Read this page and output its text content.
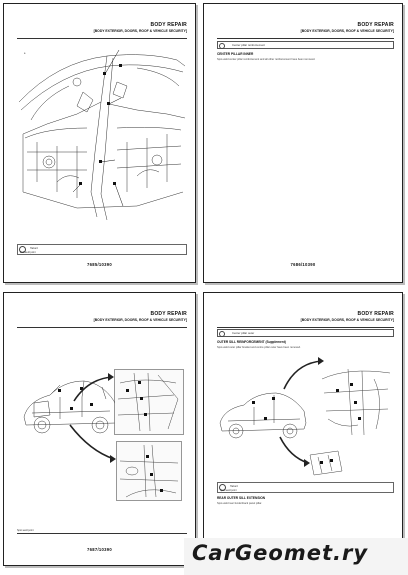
BODY REPAIR
[BODY EXTERIOR, DOORS, ROOF & VEHICLE SECURITY]
a
Hazard
Bolt/weld point
7685/10390
BODY REPAIR
[BODY EXTERIOR, DOORS, ROOF & VEHICLE SECURITY]
Center pillar reinforcement
CENTER PILLAR INNER
Spot-weld center pillar reinforcement and all other reinforcement have been removed.
7686/10390
BODY REPAIR
[BODY EXTERIOR, DOORS, ROOF & VEHICLE SECURITY]
Spot-weld point
7687/10390
BODY REPAIR
[BODY EXTERIOR, DOORS, ROOF & VEHICLE SECURITY]
Center pillar outer
OUTER SILL REINFORCEMENT (Supplement)
Spot-weld outer pillar bracket and centre pillar outer have been removed.
Hazard
Spot-weld point
REAR OUTER SILL EXTENSION
Spot-weld rear fender/back panel pillar.
CarGeomet.ry
